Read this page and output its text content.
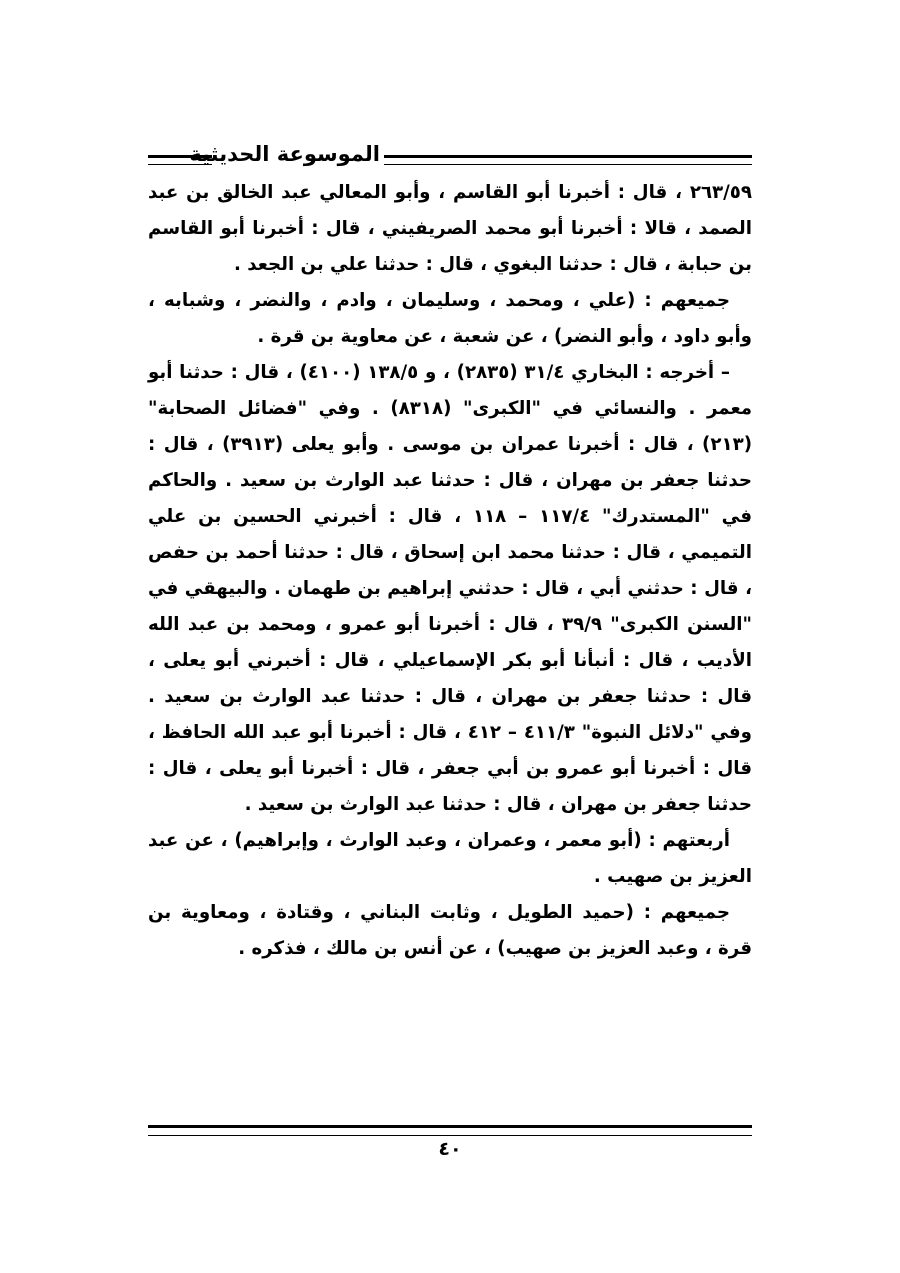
الموسوعة الحديثية

٢٦٣/٥٩ ، قال : أخبرنا أبو القاسم ، وأبو المعالي عبد الخالق بن عبد الصمد ، قالا : أخبرنا أبو محمد الصريفيني ، قال : أخبرنا أبو القاسم بن حبابة ، قال : حدثنا البغوي ، قال : حدثنا علي بن الجعد .

جميعهم : (علي ، ومحمد ، وسليمان ، وادم ، والنضر ، وشبابه ، وأبو داود ، وأبو النضر) ، عن شعبة ، عن معاوية بن قرة .

– أخرجه : البخاري ٣١/٤ (٢٨٣٥) ، و ١٣٨/٥ (٤١٠٠) ، قال : حدثنا أبو معمر . والنسائي في "الكبرى" (٨٣١٨) . وفي "فضائل الصحابة" (٢١٣) ، قال : أخبرنا عمران بن موسى . وأبو يعلى (٣٩١٣) ، قال : حدثنا جعفر بن مهران ، قال : حدثنا عبد الوارث بن سعيد . والحاكم في "المستدرك" ١١٧/٤ – ١١٨ ، قال : أخبرني الحسين بن علي التميمي ، قال : حدثنا محمد ابن إسحاق ، قال : حدثنا أحمد بن حفص ، قال : حدثني أبي ، قال : حدثني إبراهيم بن طهمان . والبيهقي في "السنن الكبرى" ٣٩/٩ ، قال : أخبرنا أبو عمرو ، ومحمد بن عبد الله الأديب ، قال : أنبأنا أبو بكر الإسماعيلي ، قال : أخبرني أبو يعلى ، قال : حدثنا جعفر بن مهران ، قال : حدثنا عبد الوارث بن سعيد . وفي "دلائل النبوة" ٤١١/٣ – ٤١٢ ، قال : أخبرنا أبو عبد الله الحافظ ، قال : أخبرنا أبو عمرو بن أبي جعفر ، قال : أخبرنا أبو يعلى ، قال : حدثنا جعفر بن مهران ، قال : حدثنا عبد الوارث بن سعيد .

أربعتهم : (أبو معمر ، وعمران ، وعبد الوارث ، وإبراهيم) ، عن عبد العزيز بن صهيب .

جميعهم : (حميد الطويل ، وثابت البناني ، وقتادة ، ومعاوية بن قرة ، وعبد العزيز بن صهيب) ، عن أنس بن مالك ، فذكره .

٤٠
